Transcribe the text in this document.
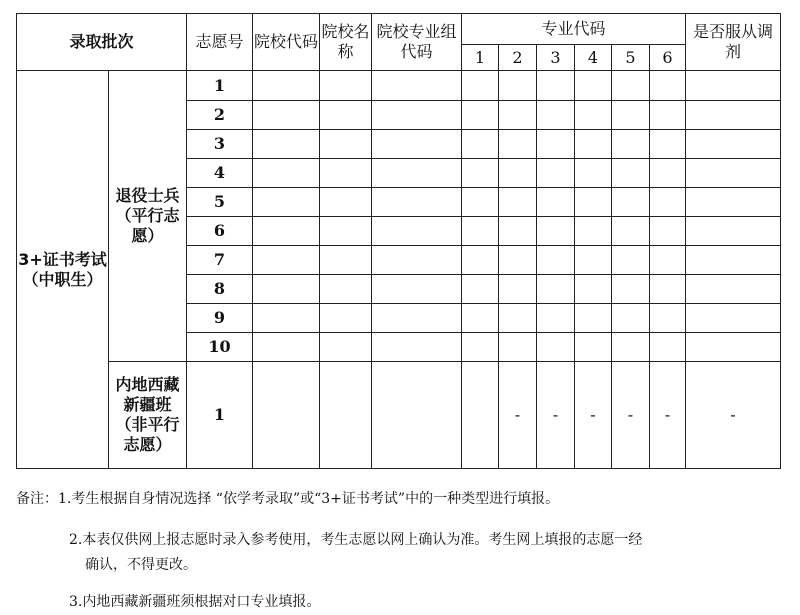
录取批次		志愿号	院校代码	院校名称	院校专业组代码	专业代码						是否服从调剂
						1	2	3	4	5	6	
3+证书考试（中职生）	退役士兵（平行志愿）	1										
		2										
		3										
		4										
		5										
		6										
		7										
		8										
		9										
		10										
	内地西藏新疆班（非平行志愿）	1					-	-	-	-	-	-
备注：1.考生根据自身情况选择 “依学考录取”或“3+证书考试”中的一种类型进行填报。
2.本表仅供网上报志愿时录入参考使用，考生志愿以网上确认为准。考生网上填报的志愿一经
确认，不得更改。
3.内地西藏新疆班须根据对口专业填报。
